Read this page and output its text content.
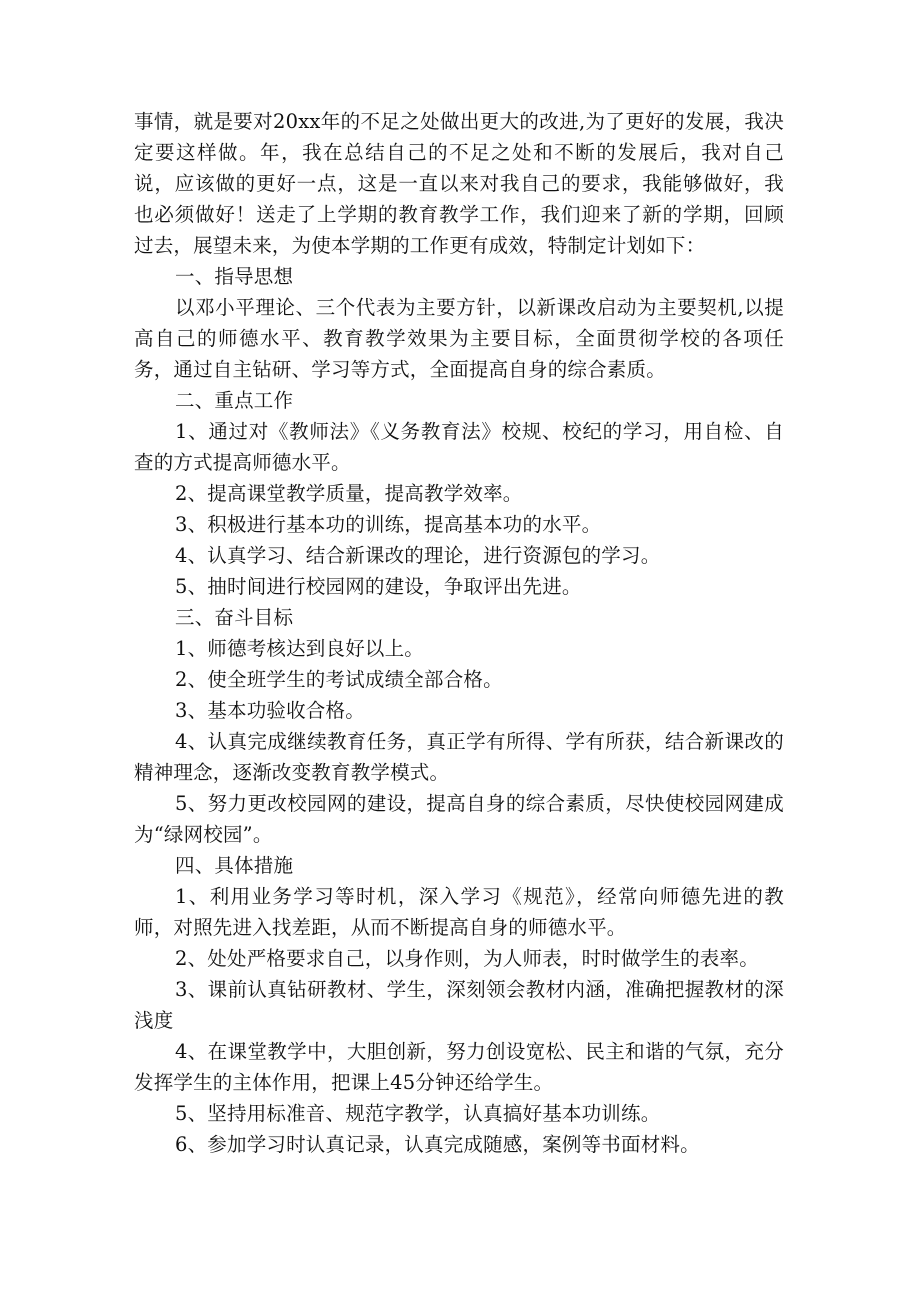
事情，就是要对20xx年的不足之处做出更大的改进,为了更好的发展，我决定要这样做。年，我在总结自己的不足之处和不断的发展后，我对自己说，应该做的更好一点，这是一直以来对我自己的要求，我能够做好，我也必须做好！送走了上学期的教育教学工作，我们迎来了新的学期，回顾过去，展望未来，为使本学期的工作更有成效，特制定计划如下：

一、指导思想

以邓小平理论、三个代表为主要方针，以新课改启动为主要契机,以提高自己的师德水平、教育教学效果为主要目标，全面贯彻学校的各项任务，通过自主钻研、学习等方式，全面提高自身的综合素质。

二、重点工作

1、通过对《教师法》《义务教育法》校规、校纪的学习，用自检、自查的方式提高师德水平。

2、提高课堂教学质量，提高教学效率。

3、积极进行基本功的训练，提高基本功的水平。

4、认真学习、结合新课改的理论，进行资源包的学习。

5、抽时间进行校园网的建设，争取评出先进。

三、奋斗目标

1、师德考核达到良好以上。

2、使全班学生的考试成绩全部合格。

3、基本功验收合格。

4、认真完成继续教育任务，真正学有所得、学有所获，结合新课改的精神理念，逐渐改变教育教学模式。

5、努力更改校园网的建设，提高自身的综合素质，尽快使校园网建成为“绿网校园”。

四、具体措施

1、利用业务学习等时机，深入学习《规范》，经常向师德先进的教师，对照先进入找差距，从而不断提高自身的师德水平。

2、处处严格要求自己，以身作则，为人师表，时时做学生的表率。

3、课前认真钻研教材、学生，深刻领会教材内涵，准确把握教材的深浅度

4、在课堂教学中，大胆创新，努力创设宽松、民主和谐的气氛，充分发挥学生的主体作用，把课上45分钟还给学生。

5、坚持用标准音、规范字教学，认真搞好基本功训练。

6、参加学习时认真记录，认真完成随感，案例等书面材料。
